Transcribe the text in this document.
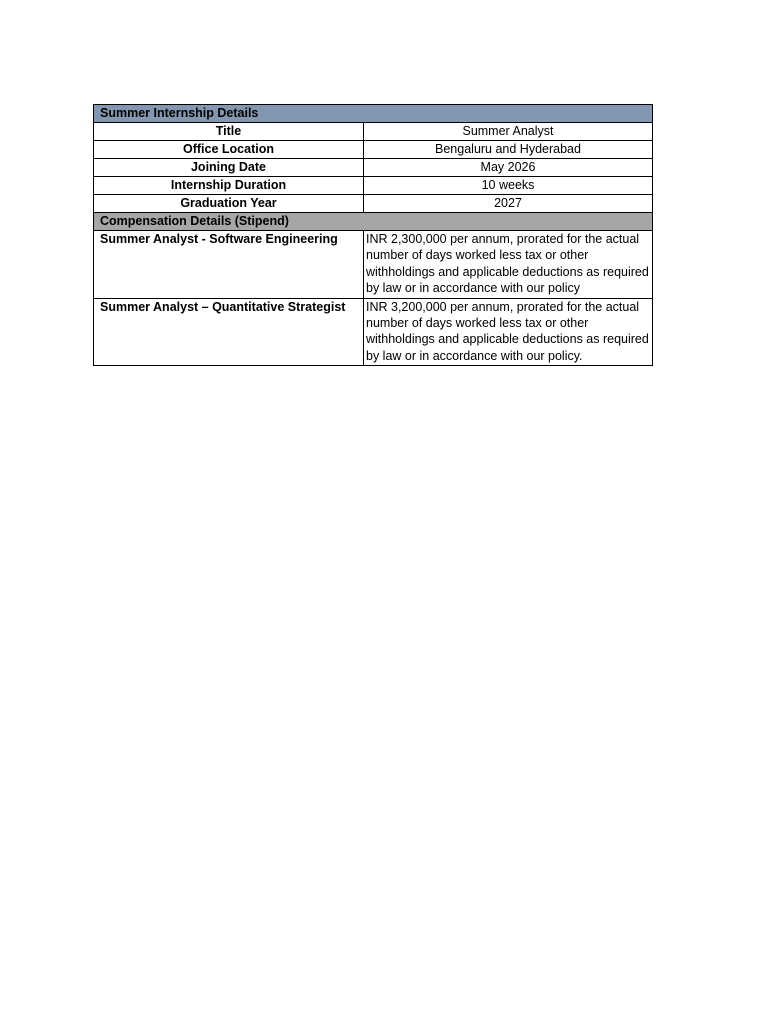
Summer Internship Details	
Title	Summer Analyst
Office Location	Bengaluru and Hyderabad
Joining Date	May 2026
Internship Duration	10 weeks
Graduation Year	2027
Compensation Details (Stipend)	
Summer Analyst - Software Engineering	INR 2,300,000 per annum, prorated for the actual number of days worked less tax or other withholdings and applicable deductions as required by law or in accordance with our policy
Summer Analyst – Quantitative Strategist	INR 3,200,000 per annum, prorated for the actual number of days worked less tax or other withholdings and applicable deductions as required by law or in accordance with our policy.
